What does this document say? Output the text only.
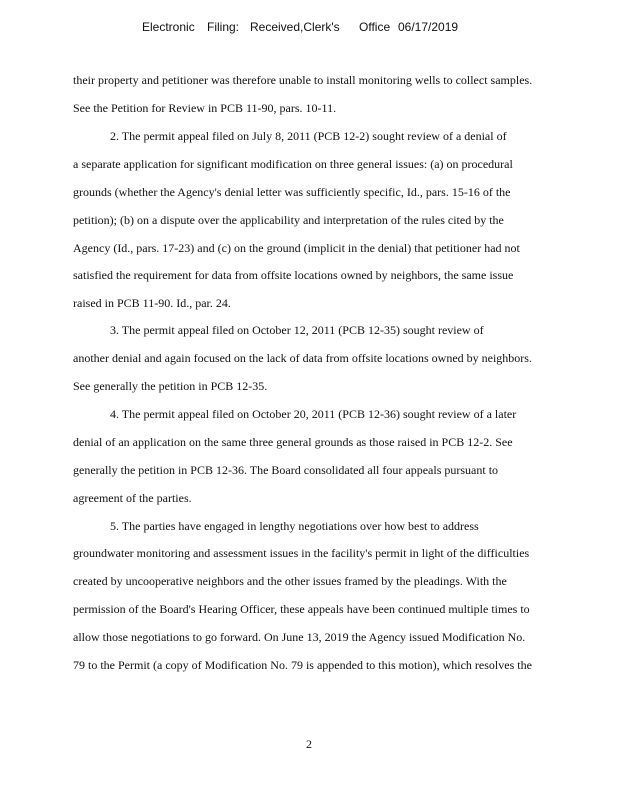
Electronic Filing: Received,Clerk's Office 06/17/2019
their property and petitioner was therefore unable to install monitoring wells to collect samples.
See the Petition for Review in PCB 11-90, pars. 10-11.
2. The permit appeal filed on July 8, 2011 (PCB 12-2) sought review of a denial of
a separate application for significant modification on three general issues: (a) on procedural
grounds (whether the Agency's denial letter was sufficiently specific, Id., pars. 15-16 of the
petition); (b) on a dispute over the applicability and interpretation of the rules cited by the
Agency (Id., pars. 17-23) and (c) on the ground (implicit in the denial) that petitioner had not
satisfied the requirement for data from offsite locations owned by neighbors, the same issue
raised in PCB 11-90. Id., par. 24.
3. The permit appeal filed on October 12, 2011 (PCB 12-35) sought review of
another denial and again focused on the lack of data from offsite locations owned by neighbors.
See generally the petition in PCB 12-35.
4. The permit appeal filed on October 20, 2011 (PCB 12-36) sought review of a later
denial of an application on the same three general grounds as those raised in PCB 12-2. See
generally the petition in PCB 12-36. The Board consolidated all four appeals pursuant to
agreement of the parties.
5. The parties have engaged in lengthy negotiations over how best to address
groundwater monitoring and assessment issues in the facility's permit in light of the difficulties
created by uncooperative neighbors and the other issues framed by the pleadings. With the
permission of the Board's Hearing Officer, these appeals have been continued multiple times to
allow those negotiations to go forward. On June 13, 2019 the Agency issued Modification No.
79 to the Permit (a copy of Modification No. 79 is appended to this motion), which resolves the
2
